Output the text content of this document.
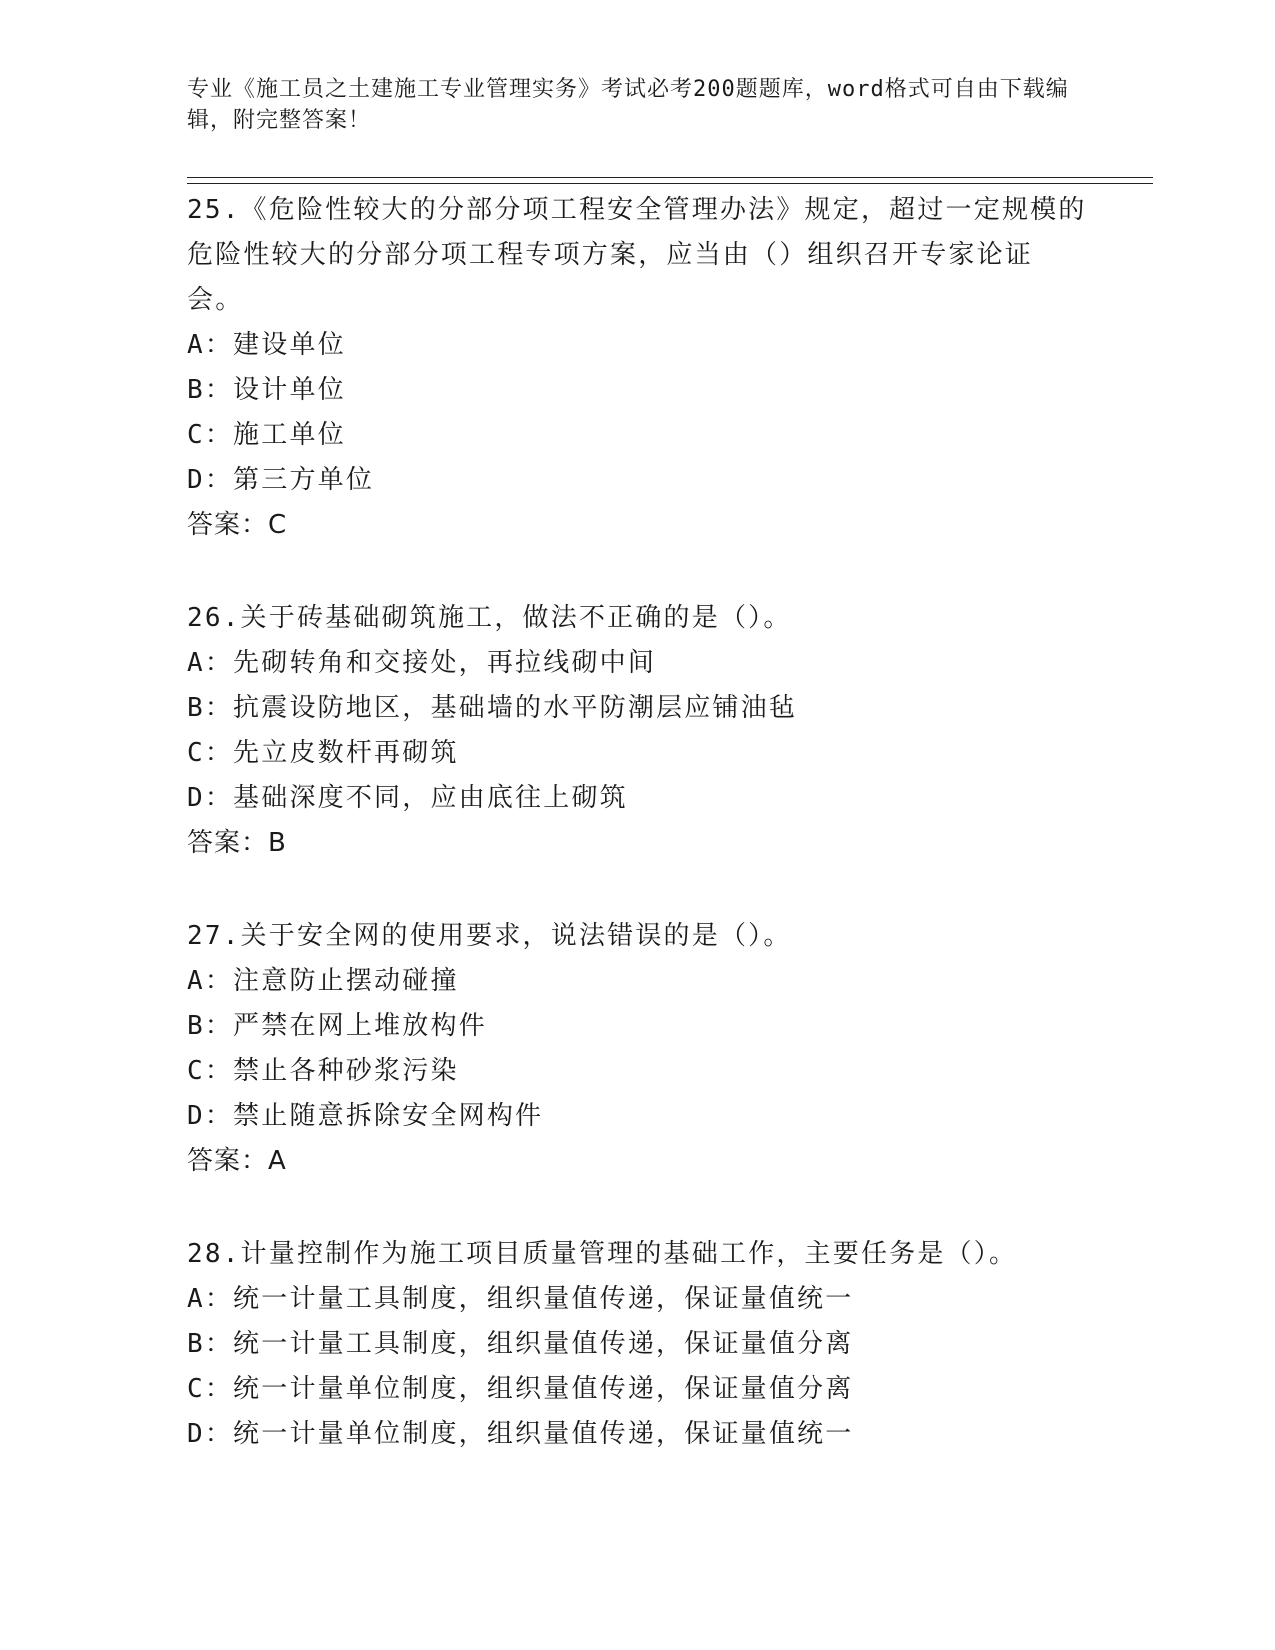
专业《施工员之土建施工专业管理实务》考试必考200题题库，word格式可自由下载编辑，附完整答案！

25.《危险性较大的分部分项工程安全管理办法》规定，超过一定规模的危险性较大的分部分项工程专项方案，应当由（）组织召开专家论证会。

A：建设单位

B：设计单位

C：施工单位

D：第三方单位

答案：C

26.关于砖基础砌筑施工，做法不正确的是（）。

A：先砌转角和交接处，再拉线砌中间

B：抗震设防地区，基础墙的水平防潮层应铺油毡

C：先立皮数杆再砌筑

D：基础深度不同，应由底往上砌筑

答案：B

27.关于安全网的使用要求，说法错误的是（）。

A：注意防止摆动碰撞

B：严禁在网上堆放构件

C：禁止各种砂浆污染

D：禁止随意拆除安全网构件

答案：A

28.计量控制作为施工项目质量管理的基础工作，主要任务是（）。

A：统一计量工具制度，组织量值传递，保证量值统一

B：统一计量工具制度，组织量值传递，保证量值分离

C：统一计量单位制度，组织量值传递，保证量值分离

D：统一计量单位制度，组织量值传递，保证量值统一
